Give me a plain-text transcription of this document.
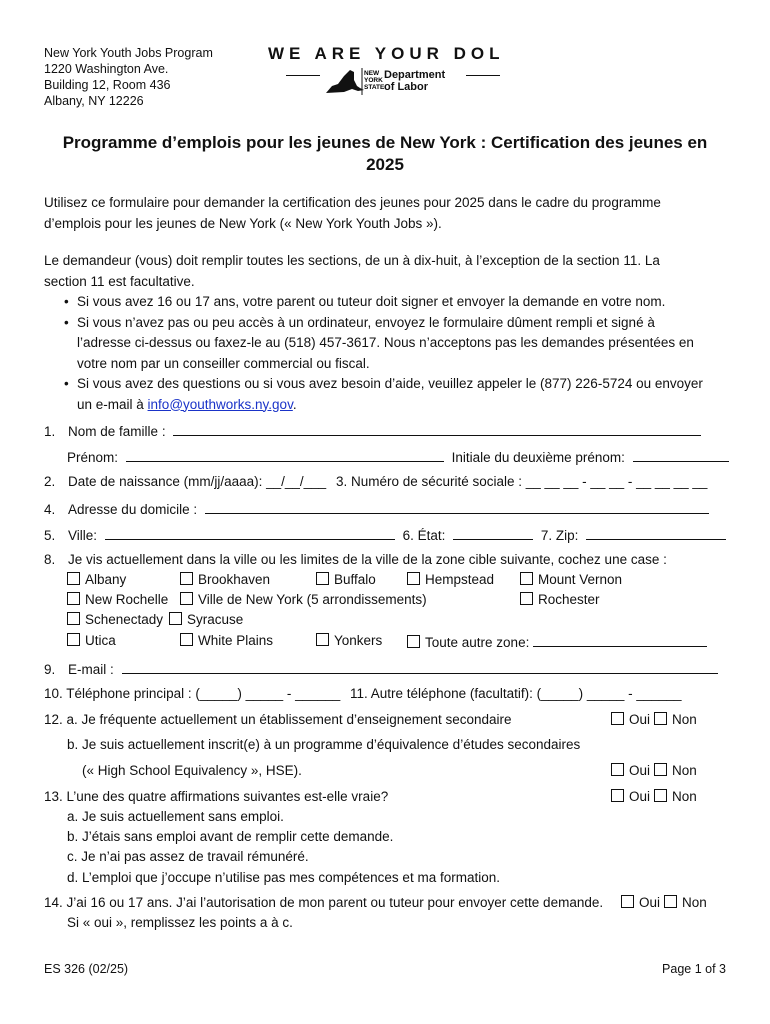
New York Youth Jobs Program
1220 Washington Ave.
Building 12, Room 436
Albany, NY 12226
WE ARE YOUR DOL
NEW
YORK
STATE
Department
of Labor
Programme d’emplois pour les jeunes de New York : Certification des jeunes en
2025
Utilisez ce formulaire pour demander la certification des jeunes pour 2025 dans le cadre du programme
d’emplois pour les jeunes de New York (« New York Youth Jobs »).
Le demandeur (vous) doit remplir toutes les sections, de un à dix-huit, à l’exception de la section 11. La
section 11 est facultative.
• Si vous avez 16 ou 17 ans, votre parent ou tuteur doit signer et envoyer la demande en votre nom.
• Si vous n’avez pas ou peu accès à un ordinateur, envoyez le formulaire dûment rempli et signé à
l’adresse ci-dessus ou faxez-le au (518) 457-3617. Nous n’acceptons pas les demandes présentées en
votre nom par un conseiller commercial ou fiscal.
• Si vous avez des questions ou si vous avez besoin d’aide, veuillez appeler le (877) 226-5724 ou envoyer
un e-mail à info@youthworks.ny.gov.
1. Nom de famille :
Prénom:	Initiale du deuxième prénom:
2. Date de naissance (mm/jj/aaaa): __/__/___ 3. Numéro de sécurité sociale : __ __ __ - __ __ - __ __ __ __
4. Adresse du domicile :
5. Ville:	6. État:	7. Zip:
8. Je vis actuellement dans la ville ou les limites de la ville de la zone cible suivante, cochez une case :
Albany	Brookhaven	Buffalo	Hempstead	Mount Vernon
New Rochelle	Ville de New York (5 arrondissements)	Rochester
Schenectady	Syracuse
Utica	White Plains	Yonkers	Toute autre zone:
9. E-mail :
10. Téléphone principal : (_____) _____ - ______ 11. Autre téléphone (facultatif): (_____) _____ - ______
12. a. Je fréquente actuellement un établissement d’enseignement secondaire	Oui	Non
b. Je suis actuellement inscrit(e) à un programme d’équivalence d’études secondaires
(« High School Equivalency », HSE).	Oui	Non
13. L’une des quatre affirmations suivantes est-elle vraie?	Oui	Non
a. Je suis actuellement sans emploi.
b. J’étais sans emploi avant de remplir cette demande.
c. Je n’ai pas assez de travail rémunéré.
d. L’emploi que j’occupe n’utilise pas mes compétences et ma formation.
14. J’ai 16 ou 17 ans. J’ai l’autorisation de mon parent ou tuteur pour envoyer cette demande.	Oui	Non
Si « oui », remplissez les points a à c.
ES 326 (02/25)	Page 1 of 3
